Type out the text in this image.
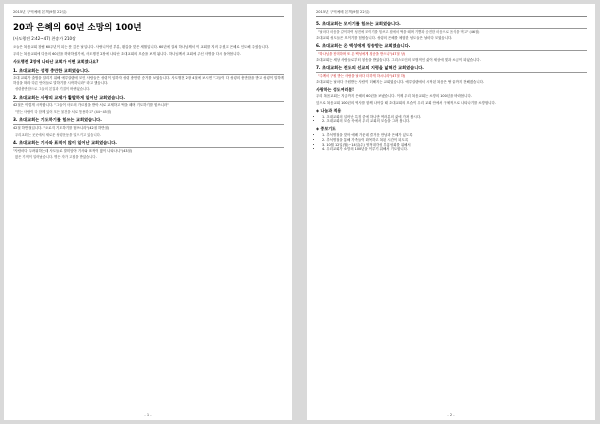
2015년 구역예배 본책(9월 22일)
20과 은혜의 60년 소망의 100년
(사도행전 2:42~47) 찬송가 210장

오늘은 복음교회 창립 60주년이 되는 뜻 깊은 날입니다. 사랑니이션 부분, 환갑을 맞은 세월입니다. 60년에 걸쳐 하나님께서 이 교회를 지켜 주셨고 은혜로 인도해 주셨습니다.

우리는 복음교회에 다음의 60년을 허락하셨기에, 사도행전 2장에 나타난 초대교회의 모습을 보게 됩니다. 하나님께서 교회에 주신 사명을 다시 돌아봅니다.

사도행전 2장에 나타난 교회가 어떤 교회였나요?
1. 초대교회는 성령 충만한 교회였습니다.

초대 교회가 출범을 알리기 위해 예루살렘에 모인 사람들은 성령이 임하자 성령 충만한 증거를 보였습니다. 사도행전 2장 4절에 보시면 "그들이 다 성령의 충만함을 받고 성령이 말하게 하심을 따라 다른 언어들로 말하기를 시작하니라" 라고 했습니다.

성령충만함으로 그들의 본질과 기질이 바뀌었습니다.
2. 초대교회는 사랑의 교제가 활발하게 일어난 교회였습니다.

42절은 이렇게 시작합니다. "그들이 사도의 가르침을 받아 서로 교제하고 떡을 떼며 기도하기를 힘쓰니라"

"믿는 사람이 다 함께 있어 모든 물건을 서로 통용하고" (44~45절)
3. 초대교회는 기도하기를 힘쓰는 교회였습니다.

42절 하반절입니다. "오로지 기도하기를 힘쓰니라"(42절 하반절)

우리교회는 곳곳에서 새로운 성령운동을 일으키고 있습니다.
4. 초대교회는 기사와 표적이 많이 일어난 교회였습니다.

"사람마다 두려워하는데 사도들로 말미암아 기사와 표적이 많이 나타나니"(43절)

많은 기적이 일어났습니다. 병든 자가 고침을 받았습니다.
- 1 -
2015년 구역예배 본책(9월 22일)
5. 초대교회는 모이기를 힘쓰는 교회였습니다.
"날마다 마음을 같이하여 성전에 모이기를 힘쓰고 집에서 떡을 떼며 기쁨과 순전한 마음으로 음식을 먹고" (46절)

초대교회 성도들은 모이기를 힘썼습니다. 성령의 은혜를 체험한 성도들은 날마다 모였습니다.

6. 초대교회는 온 백성에게 칭송받는 교회였습니다.
"하나님을 찬미하며 또 온 백성에게 칭송을 받으니"(47절 상)

초대교회는 세상 사람들로부터 칭송을 받았습니다. 그리스도인의 모범적인 삶이 세상에 빛과 소금이 되었습니다.

7. 초대교회는 전도의 선교의 지평을 넓혀간 교회였습니다.
"주께서 구원 받는 사람을 날마다 더하게 하시니라"(47절 하)

초대교회는 날마다 구원받는 사람이 더해지는 교회였습니다. 예루살렘에서 시작된 복음은 땅 끝까지 전해졌습니다.

사랑하는 성도여러분!

우리 복음교회는 지금까지 은혜의 60년을 보냈습니다. 이제 우리 복음교회는 소망의 100년을 바라봅니다.

앞으로 복음교회 100년의 역사를 함께 나아갈 때 초대교회의 모습이 우리 교회 안에서 구체적으로 나타나기를 소망합니다.

◈ 나눔과 적용
• 1. 초대교회의 일어난 특징 중에 하나만 여러분의 삶에 가져 봅시다.
• 2. 초대교회의 모습 속에서 우리 교회의 모습을 그려 봅니다.
◈ 중보기도
• 1. 추석명절을 맞아 예배 가운데 즐거운 만남과 은혜가 있도록
• 2. 추석명절을 통해 가족들이 화목하고 복된 시간이 되도록
• 3. 10월 12일(월)~14일(수) 영적대각성 부흥성회를 위해서
• 4. 우리교회가 소망의 100년을 이루기 위해서 기도합니다.
- 2 -
